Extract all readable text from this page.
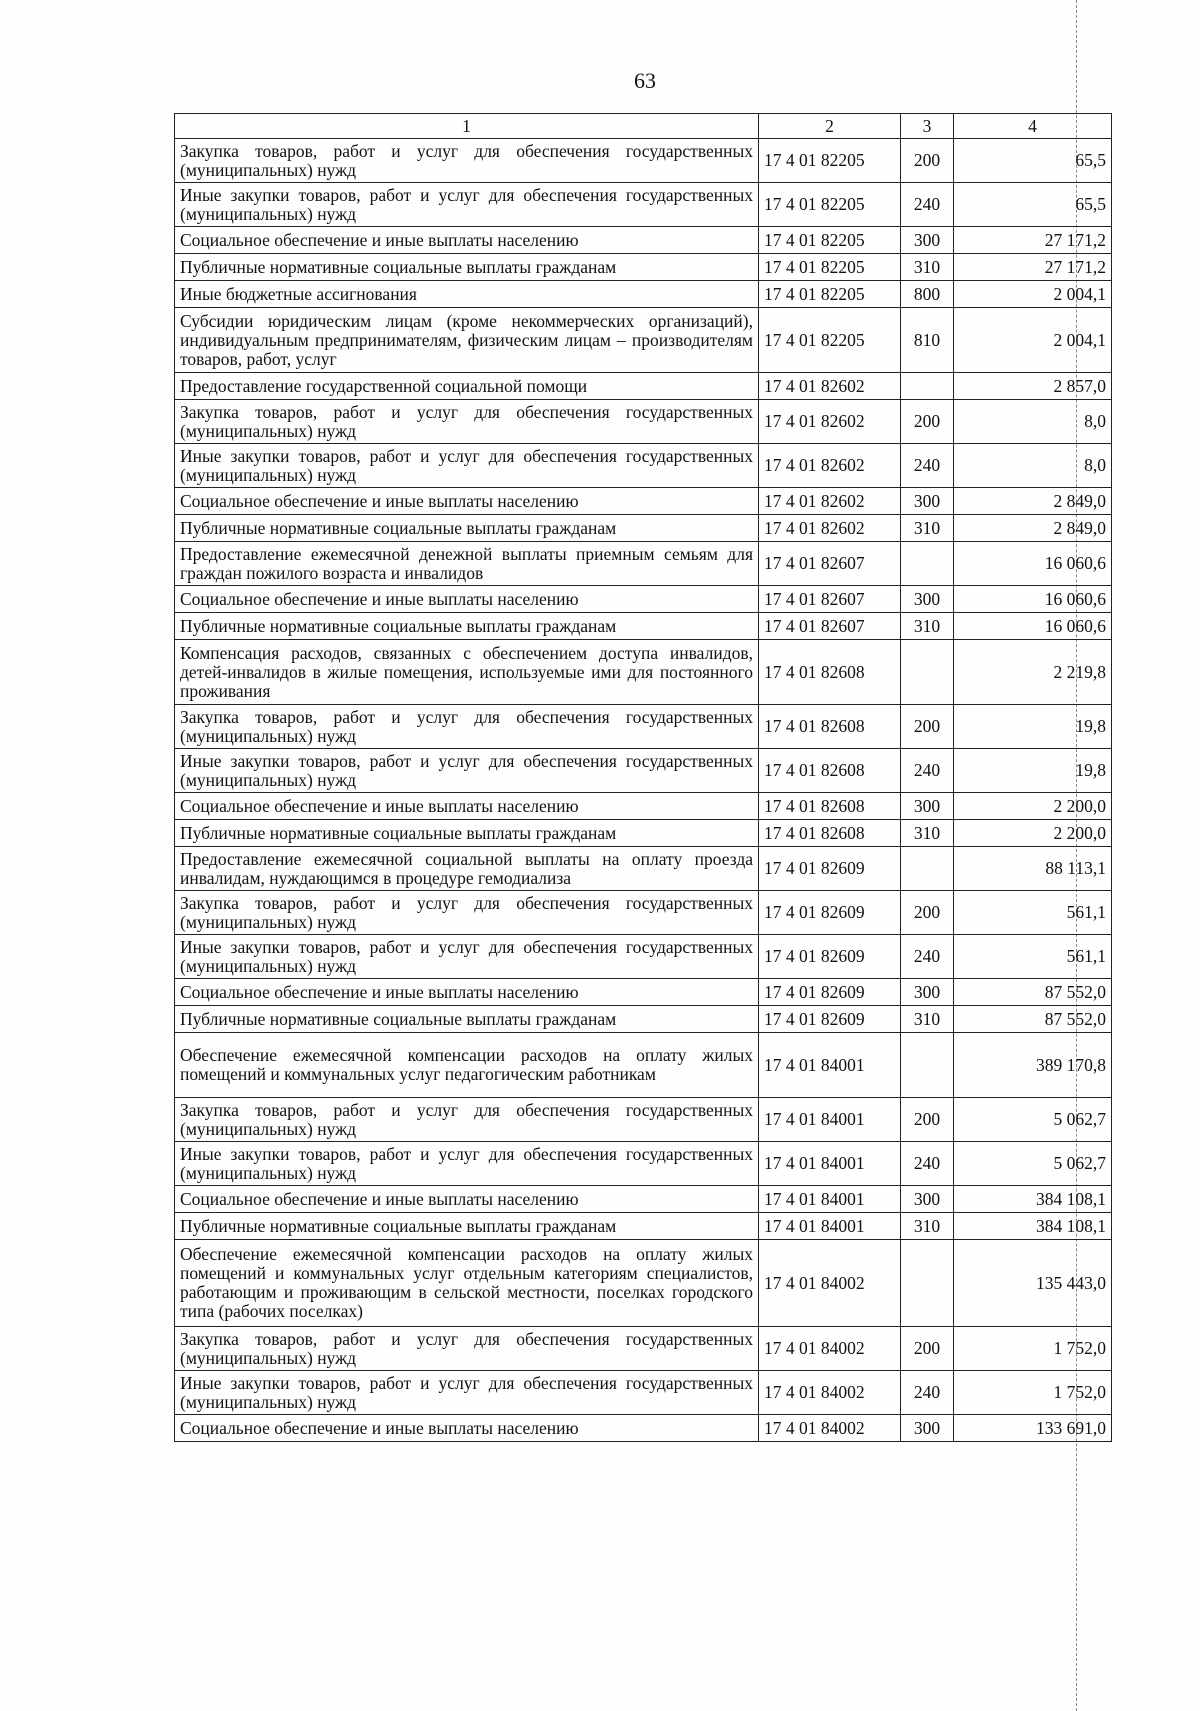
63
1	2	3	4
Закупка товаров, работ и услуг для обеспечения государственных (муниципальных) нужд	17 4 01 82205	200	65,5
Иные закупки товаров, работ и услуг для обеспечения государственных (муниципальных) нужд	17 4 01 82205	240	65,5
Социальное обеспечение и иные выплаты населению	17 4 01 82205	300	27 171,2
Публичные нормативные социальные выплаты гражданам	17 4 01 82205	310	27 171,2
Иные бюджетные ассигнования	17 4 01 82205	800	2 004,1
Субсидии юридическим лицам (кроме некоммерческих организаций), индивидуальным предпринимателям, физическим лицам – производителям товаров, работ, услуг	17 4 01 82205	810	2 004,1
Предоставление государственной социальной помощи	17 4 01 82602		2 857,0
Закупка товаров, работ и услуг для обеспечения государственных (муниципальных) нужд	17 4 01 82602	200	8,0
Иные закупки товаров, работ и услуг для обеспечения государственных (муниципальных) нужд	17 4 01 82602	240	8,0
Социальное обеспечение и иные выплаты населению	17 4 01 82602	300	2 849,0
Публичные нормативные социальные выплаты гражданам	17 4 01 82602	310	2 849,0
Предоставление ежемесячной денежной выплаты приемным семьям для граждан пожилого возраста и инвалидов	17 4 01 82607		16 060,6
Социальное обеспечение и иные выплаты населению	17 4 01 82607	300	16 060,6
Публичные нормативные социальные выплаты гражданам	17 4 01 82607	310	16 060,6
Компенсация расходов, связанных с обеспечением доступа инвалидов, детей-инвалидов в жилые помещения, используемые ими для постоянного проживания	17 4 01 82608		2 219,8
Закупка товаров, работ и услуг для обеспечения государственных (муниципальных) нужд	17 4 01 82608	200	19,8
Иные закупки товаров, работ и услуг для обеспечения государственных (муниципальных) нужд	17 4 01 82608	240	19,8
Социальное обеспечение и иные выплаты населению	17 4 01 82608	300	2 200,0
Публичные нормативные социальные выплаты гражданам	17 4 01 82608	310	2 200,0
Предоставление ежемесячной социальной выплаты на оплату проезда инвалидам, нуждающимся в процедуре гемодиализа	17 4 01 82609		88 113,1
Закупка товаров, работ и услуг для обеспечения государственных (муниципальных) нужд	17 4 01 82609	200	561,1
Иные закупки товаров, работ и услуг для обеспечения государственных (муниципальных) нужд	17 4 01 82609	240	561,1
Социальное обеспечение и иные выплаты населению	17 4 01 82609	300	87 552,0
Публичные нормативные социальные выплаты гражданам	17 4 01 82609	310	87 552,0
Обеспечение ежемесячной компенсации расходов на оплату жилых помещений и коммунальных услуг педагогическим работникам	17 4 01 84001		389 170,8
Закупка товаров, работ и услуг для обеспечения государственных (муниципальных) нужд	17 4 01 84001	200	5 062,7
Иные закупки товаров, работ и услуг для обеспечения государственных (муниципальных) нужд	17 4 01 84001	240	5 062,7
Социальное обеспечение и иные выплаты населению	17 4 01 84001	300	384 108,1
Публичные нормативные социальные выплаты гражданам	17 4 01 84001	310	384 108,1
Обеспечение ежемесячной компенсации расходов на оплату жилых помещений и коммунальных услуг отдельным категориям специалистов, работающим и проживающим в сельской местности, поселках городского типа (рабочих поселках)	17 4 01 84002		135 443,0
Закупка товаров, работ и услуг для обеспечения государственных (муниципальных) нужд	17 4 01 84002	200	1 752,0
Иные закупки товаров, работ и услуг для обеспечения государственных (муниципальных) нужд	17 4 01 84002	240	1 752,0
Социальное обеспечение и иные выплаты населению	17 4 01 84002	300	133 691,0
